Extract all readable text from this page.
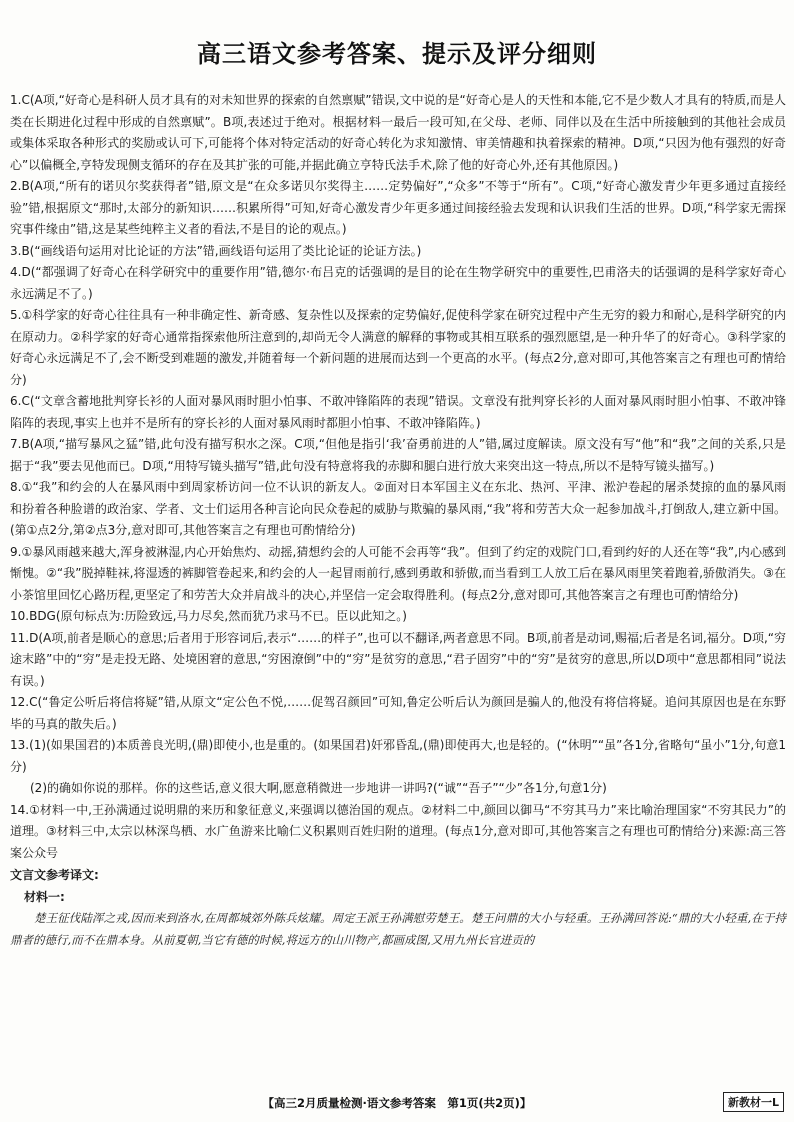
高三语文参考答案、提示及评分细则

1.C(A项,“好奇心是科研人员才具有的对未知世界的探索的自然禀赋”错误,文中说的是“好奇心是人的天性和本能,它不是少数人才具有的特质,而是人类在长期进化过程中形成的自然禀赋”。B项,表述过于绝对。根据材料一最后一段可知,在父母、老师、同伴以及在生活中所接触到的其他社会成员或集体采取各种形式的奖励或认可下,可能将个体对特定活动的好奇心转化为求知激情、审美情趣和执着探索的精神。D项,“只因为他有强烈的好奇心”以偏概全,亨特发现侧支循环的存在及其扩张的可能,并据此确立亨特氏法手术,除了他的好奇心外,还有其他原因。)

2.B(A项,“所有的诺贝尔奖获得者”错,原文是“在众多诺贝尔奖得主……定势偏好”,“众多”不等于“所有”。C项,“好奇心激发青少年更多通过直接经验”错,根据原文“那时,太部分的新知识……积累所得”可知,好奇心激发青少年更多通过间接经验去发现和认识我们生活的世界。D项,“科学家无需探究事件缘由”错,这是某些纯粹主义者的看法,不是目的论的观点。)

3.B(“画线语句运用对比论证的方法”错,画线语句运用了类比论证的论证方法。)

4.D(“都强调了好奇心在科学研究中的重要作用”错,德尔·布吕克的话强调的是目的论在生物学研究中的重要性,巴甫洛夫的话强调的是科学家好奇心永远满足不了。)

5.①科学家的好奇心往往具有一种非确定性、新奇感、复杂性以及探索的定势偏好,促使科学家在研究过程中产生无穷的毅力和耐心,是科学研究的内在原动力。②科学家的好奇心通常指探索他所注意到的,却尚无令人满意的解释的事物或其相互联系的强烈愿望,是一种升华了的好奇心。③科学家的好奇心永远满足不了,会不断受到难题的激发,并随着每一个新问题的进展而达到一个更高的水平。(每点2分,意对即可,其他答案言之有理也可酌情给分)

6.C(“文章含蓄地批判穿长衫的人面对暴风雨时胆小怕事、不敢冲锋陷阵的表现”错误。文章没有批判穿长衫的人面对暴风雨时胆小怕事、不敢冲锋陷阵的表现,事实上也并不是所有的穿长衫的人面对暴风雨时都胆小怕事、不敢冲锋陷阵。)

7.B(A项,“描写暴风之猛”错,此句没有描写积水之深。C项,“但他是指引‘我’奋勇前进的人”错,属过度解读。原文没有写“他”和“我”之间的关系,只是据于“我”要去见他而已。D项,“用特写镜头描写”错,此句没有特意将我的赤脚和腿白进行放大来突出这一特点,所以不是特写镜头描写。)

8.①“我”和约会的人在暴风雨中到周家桥访问一位不认识的新友人。②面对日本军国主义在东北、热河、平津、淞沪卷起的屠杀焚掠的血的暴风雨和扮着各种脸谱的政治家、学者、文士们运用各种言论向民众卷起的威胁与欺骗的暴风雨,“我”将和劳苦大众一起参加战斗,打倒敌人,建立新中国。(第①点2分,第②点3分,意对即可,其他答案言之有理也可酌情给分)

9.①暴风雨越来越大,浑身被淋湿,内心开始焦灼、动摇,猜想约会的人可能不会再等“我”。但到了约定的戏院门口,看到约好的人还在等“我”,内心感到惭愧。②“我”脱掉鞋袜,将湿透的裤脚管卷起来,和约会的人一起冒雨前行,感到勇敢和骄傲,而当看到工人放工后在暴风雨里笑着跑着,骄傲消失。③在小茶馆里回忆心路历程,更坚定了和劳苦大众并肩战斗的决心,并坚信一定会取得胜利。(每点2分,意对即可,其他答案言之有理也可酌情给分)

10.BDG(原句标点为:历险致远,马力尽矣,然而犹乃求马不已。臣以此知之。)

11.D(A项,前者是顺心的意思;后者用于形容词后,表示“……的样子”,也可以不翻译,两者意思不同。B项,前者是动词,赐福;后者是名词,福分。D项,“穷途末路”中的“穷”是走投无路、处境困窘的意思,“穷困潦倒”中的“穷”是贫穷的意思,“君子固穷”中的“穷”是贫穷的意思,所以D项中“意思都相同”说法有误。)

12.C(“鲁定公听后将信将疑”错,从原文“定公色不悦,……促驾召颜回”可知,鲁定公听后认为颜回是骗人的,他没有将信将疑。追问其原因也是在东野毕的马真的散失后。)

13.(1)(如果国君的)本质善良光明,(鼎)即使小,也是重的。(如果国君)奸邪昏乱,(鼎)即使再大,也是轻的。(“休明”“虽”各1分,省略句“虽小”1分,句意1分)

(2)的确如你说的那样。你的这些话,意义很大啊,愿意稍微进一步地讲一讲吗?(“诚”“吾子”“少”各1分,句意1分)

14.①材料一中,王孙满通过说明鼎的来历和象征意义,来强调以德治国的观点。②材料二中,颜回以御马“不穷其马力”来比喻治理国家“不穷其民力”的道理。③材料三中,太宗以林深鸟栖、水广鱼游来比喻仁义积累则百姓归附的道理。(每点1分,意对即可,其他答案言之有理也可酌情给分)来源:高三答案公众号

文言文参考译文:
材料一:

楚王征伐陆浑之戎,因而来到洛水,在周都城郊外陈兵炫耀。周定王派王孙满慰劳楚王。楚王问鼎的大小与轻重。王孙满回答说:“鼎的大小轻重,在于持鼎者的德行,而不在鼎本身。从前夏朝,当它有德的时候,将远方的山川物产,都画成图,又用九州长官进贡的

【高三2月质量检测·语文参考答案　第1页(共2页)】	新教材一L
